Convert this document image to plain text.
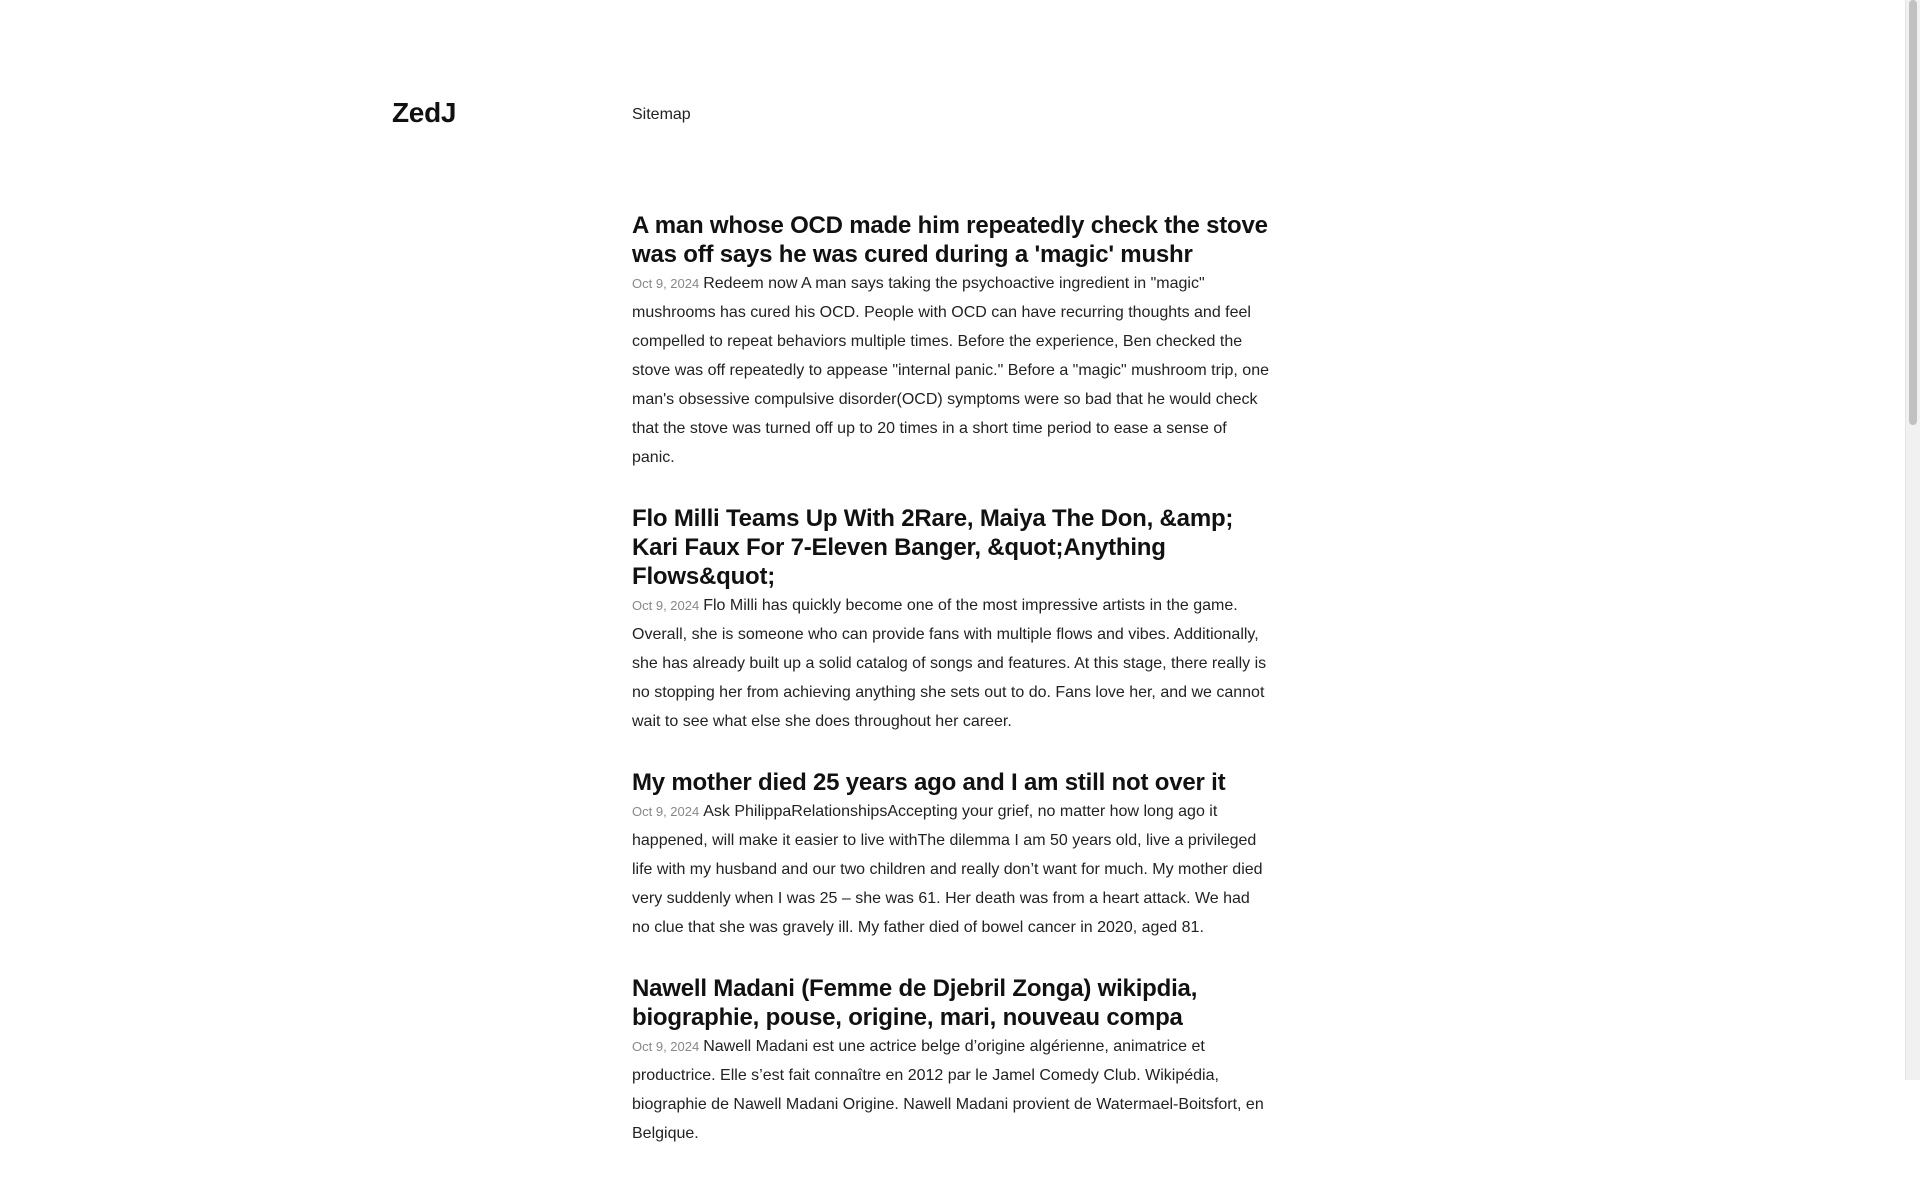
ZedJ	Sitemap
A man whose OCD made him repeatedly check the stove was off says he was cured during a 'magic' mushr

Oct 9, 2024 Redeem now A man says taking the psychoactive ingredient in "magic" mushrooms has cured his OCD. People with OCD can have recurring thoughts and feel compelled to repeat behaviors multiple times. Before the experience, Ben checked the stove was off repeatedly to appease "internal panic." Before a "magic" mushroom trip, one man's obsessive compulsive disorder(OCD) symptoms were so bad that he would check that the stove was turned off up to 20 times in a short time period to ease a sense of panic.

Flo Milli Teams Up With 2Rare, Maiya The Don, &amp; Kari Faux For 7-Eleven Banger, &quot;Anything Flows&quot;

Oct 9, 2024 Flo Milli has quickly become one of the most impressive artists in the game. Overall, she is someone who can provide fans with multiple flows and vibes. Additionally, she has already built up a solid catalog of songs and features. At this stage, there really is no stopping her from achieving anything she sets out to do. Fans love her, and we cannot wait to see what else she does throughout her career.

My mother died 25 years ago and I am still not over it

Oct 9, 2024 Ask PhilippaRelationshipsAccepting your grief, no matter how long ago it happened, will make it easier to live withThe dilemma I am 50 years old, live a privileged life with my husband and our two children and really don’t want for much. My mother died very suddenly when I was 25 – she was 61. Her death was from a heart attack. We had no clue that she was gravely ill. My father died of bowel cancer in 2020, aged 81.

Nawell Madani (Femme de Djebril Zonga) wikipdia, biographie, pouse, origine, mari, nouveau compa

Oct 9, 2024 Nawell Madani est une actrice belge d’origine algérienne, animatrice et productrice. Elle s’est fait connaître en 2012 par le Jamel Comedy Club. Wikipédia, biographie de Nawell Madani Origine. Nawell Madani provient de Watermael-Boitsfort, en Belgique.
